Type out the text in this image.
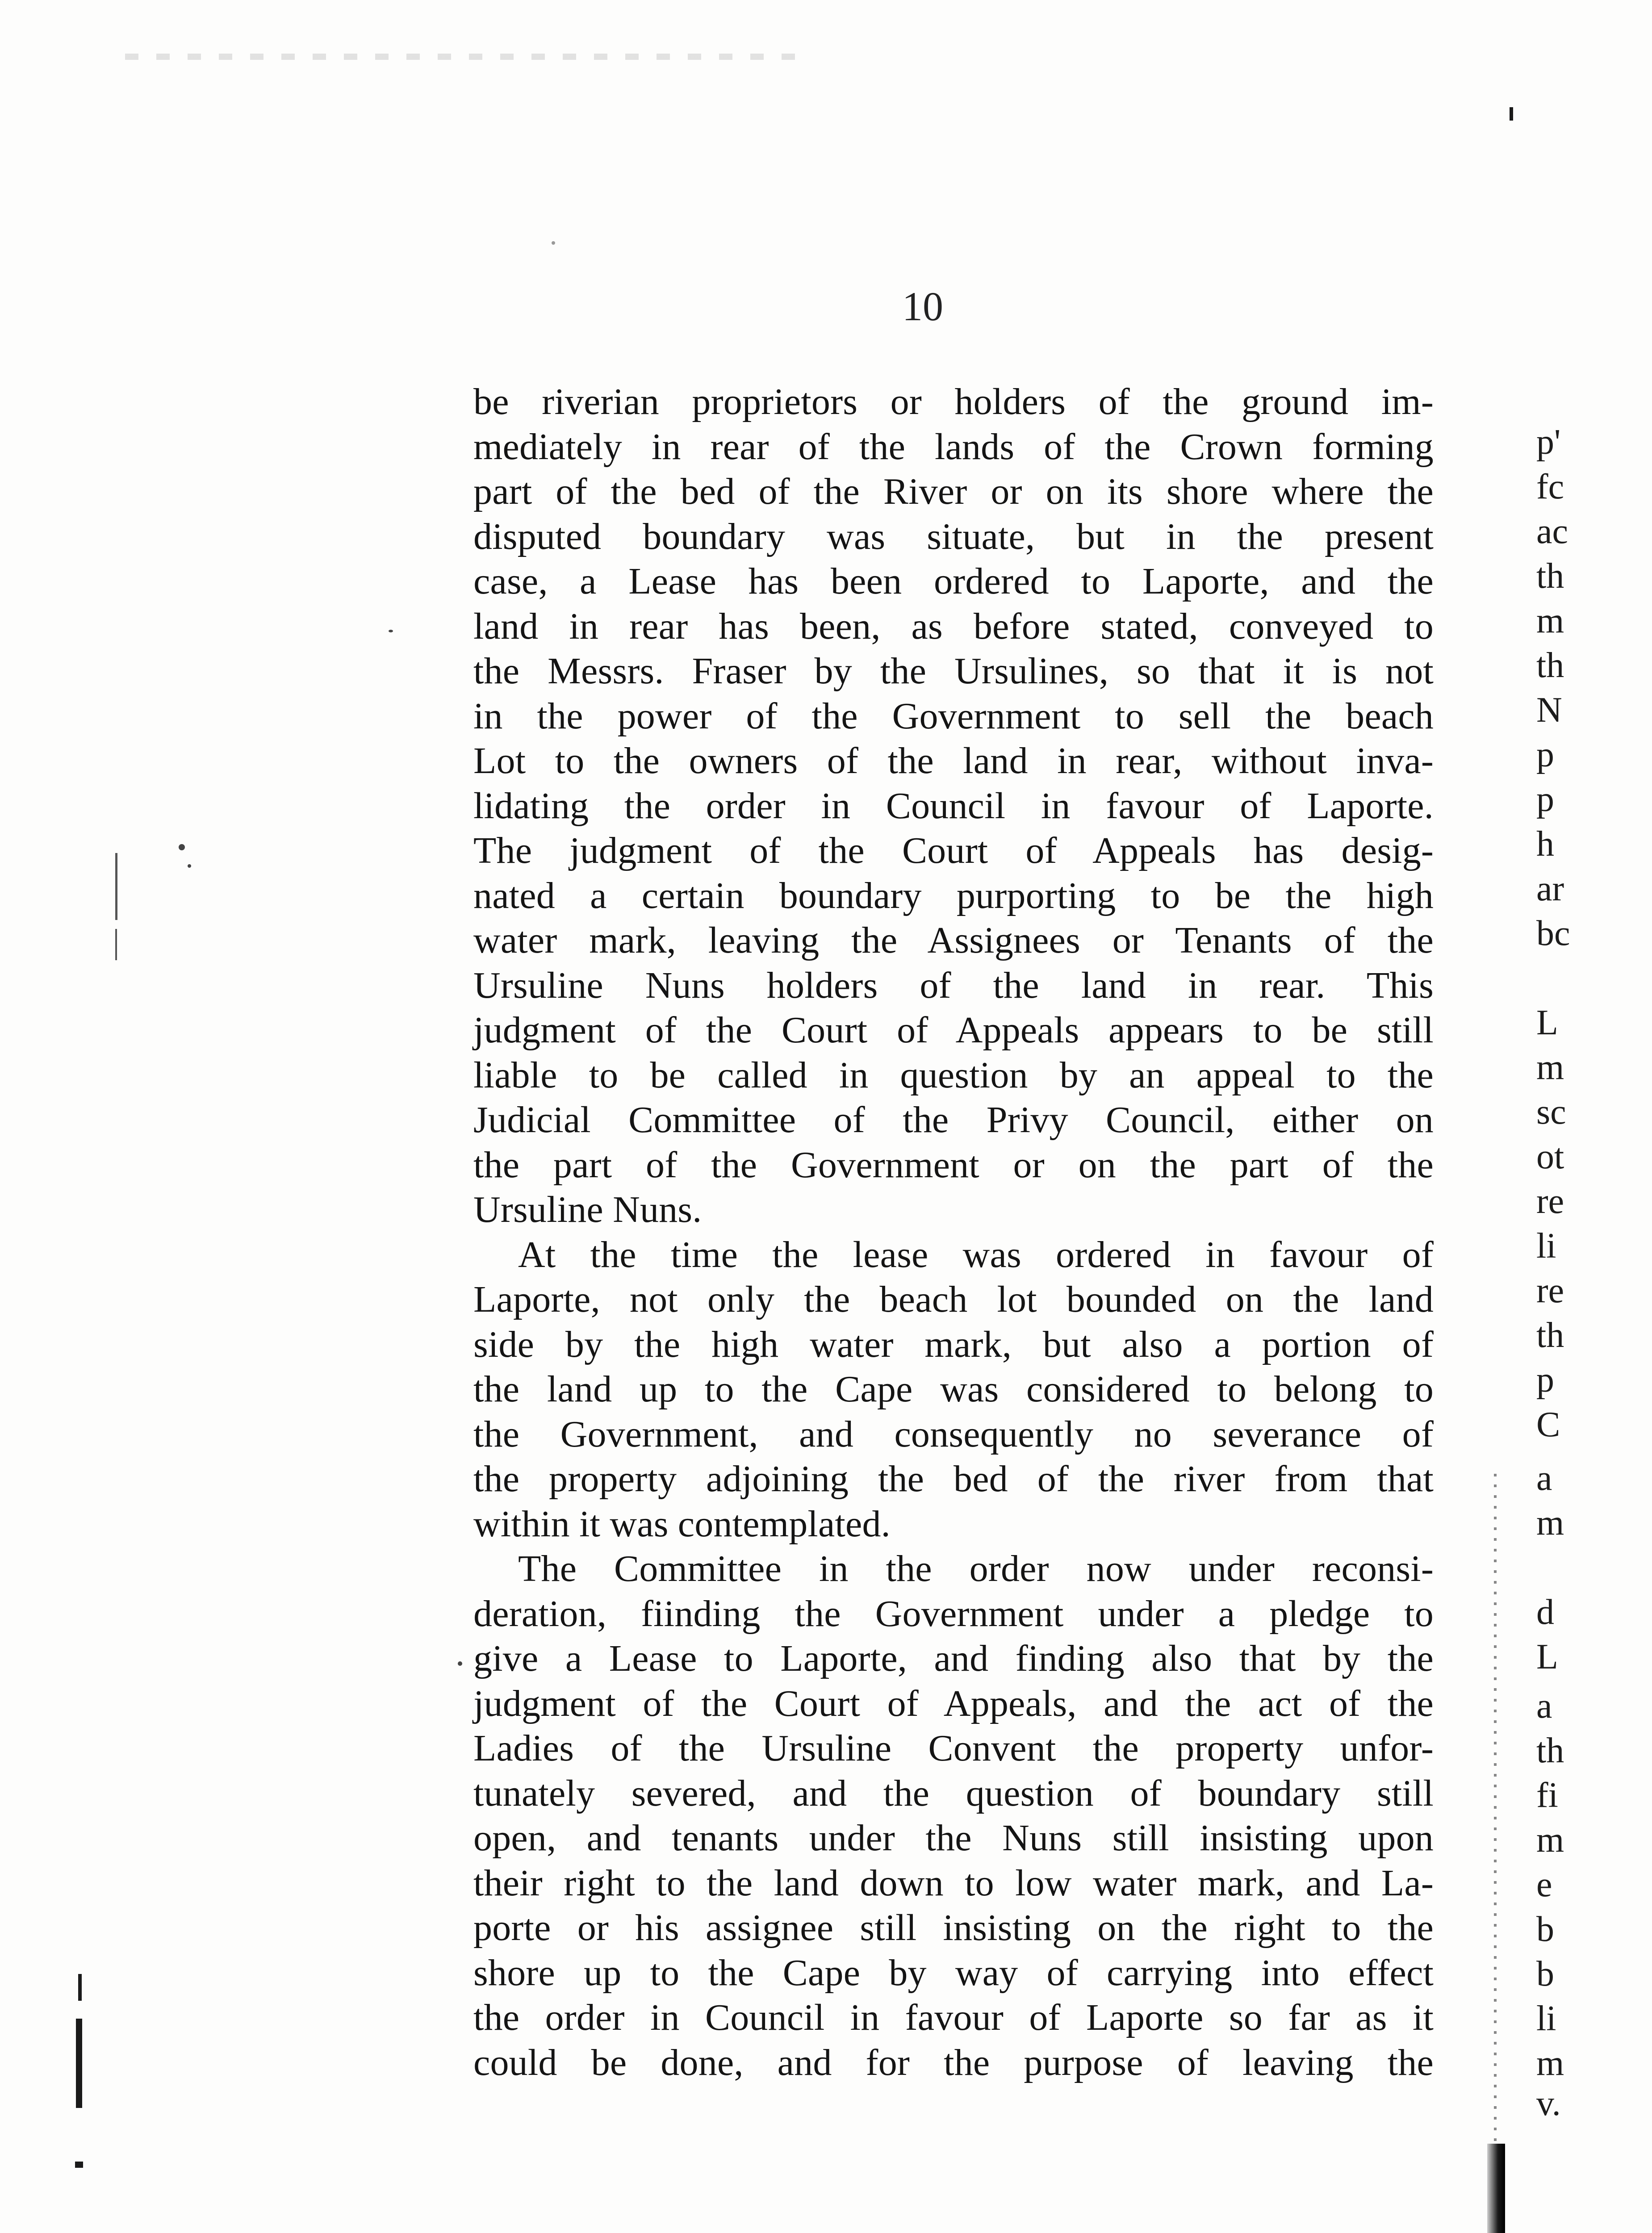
10
be riverian proprietors or holders of the ground im-
mediately in rear of the lands of the Crown forming
part of the bed of the River or on its shore where the
disputed boundary was situate, but in the present
case, a Lease has been ordered to Laporte, and the
land in rear has been, as before stated, conveyed to
the Messrs. Fraser by the Ursulines, so that it is not
in the power of the Government to sell the beach
Lot to the owners of the land in rear, without inva-
lidating the order in Council in favour of Laporte.
The judgment of the Court of Appeals has desig-
nated a certain boundary purporting to be the high
water mark, leaving the Assignees or Tenants of the
Ursuline Nuns holders of the land in rear. This
judgment of the Court of Appeals appears to be still
liable to be called in question by an appeal to the
Judicial Committee of the Privy Council, either on
the part of the Government or on the part of the
Ursuline Nuns.
At the time the lease was ordered in favour of
Laporte, not only the beach lot bounded on the land
side by the high water mark, but also a portion of
the land up to the Cape was considered to belong to
the Government, and consequently no severance of
the property adjoining the bed of the river from that
within it was contemplated.
The Committee in the order now under reconsi-
deration, fiinding the Government under a pledge to
give a Lease to Laporte, and finding also that by the
judgment of the Court of Appeals, and the act of the
Ladies of the Ursuline Convent the property unfor-
tunately severed, and the question of boundary still
open, and tenants under the Nuns still insisting upon
their right to the land down to low water mark, and La-
porte or his assignee still insisting on the right to the
shore up to the Cape by way of carrying into effect
the order in Council in favour of Laporte so far as it
could be done, and for the purpose of leaving the
p'
fc
ac
th
m
th
N
p
p
h
ar
bc
L
m
sc
ot
re
li
re
th
p
C
a
m
d
L
a
th
fi
m
e
b
b
li
m
v.
